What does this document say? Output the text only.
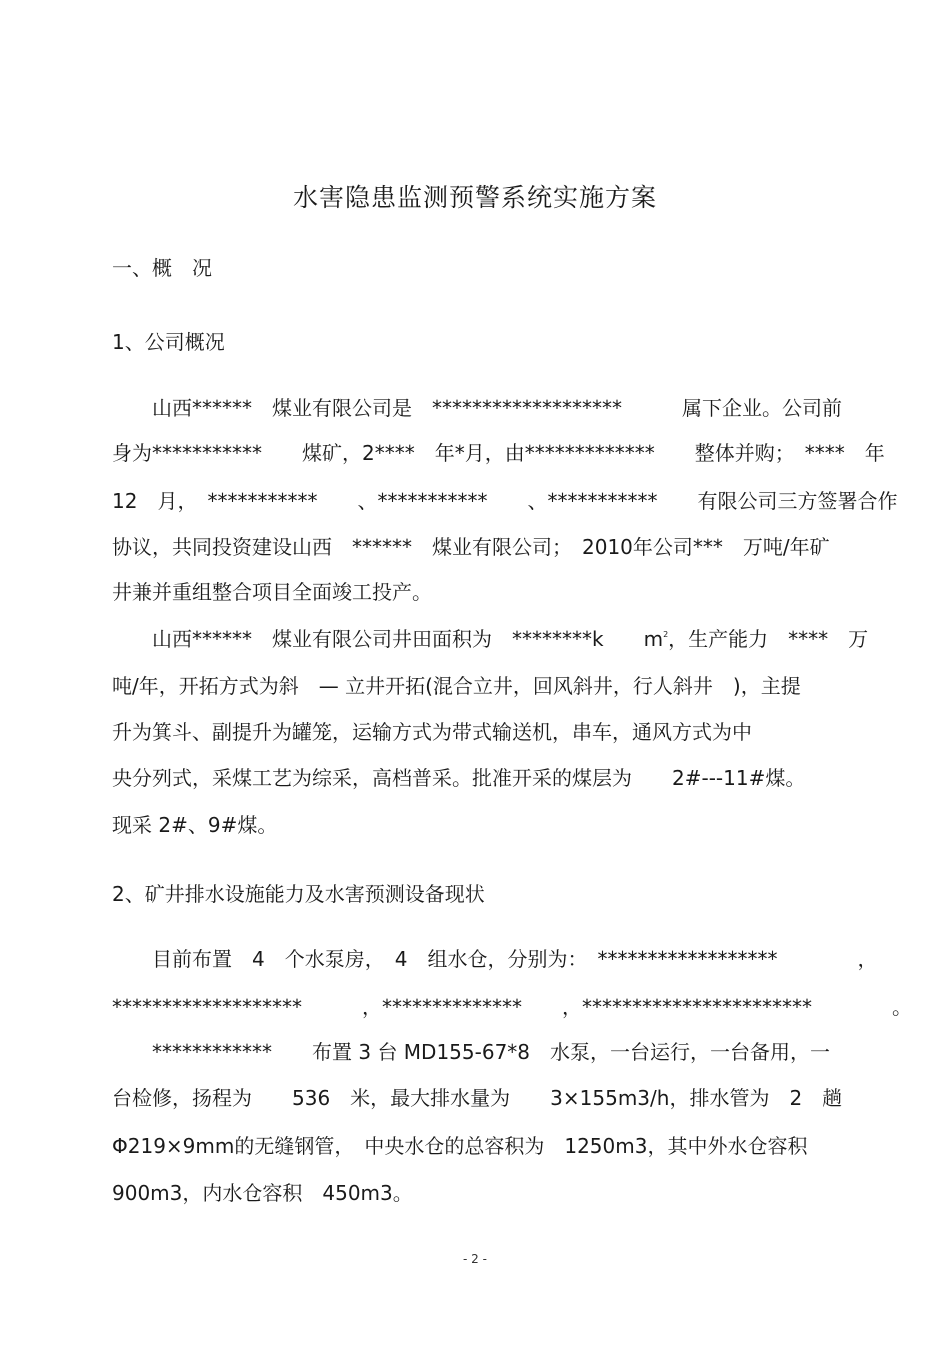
水害隐患监测预警系统实施方案
一、概　况
1、公司概况
　　山西******　煤业有限公司是　*******************　　　属下企业。公司前
身为***********　　煤矿，2****　年*月，由*************　　整体并购；　****　年
12　月，　***********　　、***********　　、***********　　有限公司三方签署合作
协议，共同投资建设山西　******　煤业有限公司；　2010年公司***　万吨/年矿
井兼并重组整合项目全面竣工投产。
　　山西******　煤业有限公司井田面积为　********k　　$m^2$，生产能力　****　万
吨/年，开拓方式为斜　— 立井开拓(混合立井，回风斜井，行人斜井　)，主提
升为箕斗、副提升为罐笼，运输方式为带式输送机，串车，通风方式为中
央分列式，采煤工艺为综采，高档普采。批准开采的煤层为　　2#---11#煤。
现采 2#、9#煤。
2、矿井排水设施能力及水害预测设备现状
　　目前布置　4　个水泵房，　4　组水仓，分别为：　******************　　　　，
*******************　　　，**************　　，***********************　　　　。
　　************　　布置 3 台 MD155-67*8　水泵，一台运行，一台备用，一
台检修，扬程为　　536　米，最大排水量为　　3×155m3/h，排水管为　2　趟
Φ219×9mm的无缝钢管，　中央水仓的总容积为　1250m3，其中外水仓容积
900m3，内水仓容积　450m3。
- 2 -
